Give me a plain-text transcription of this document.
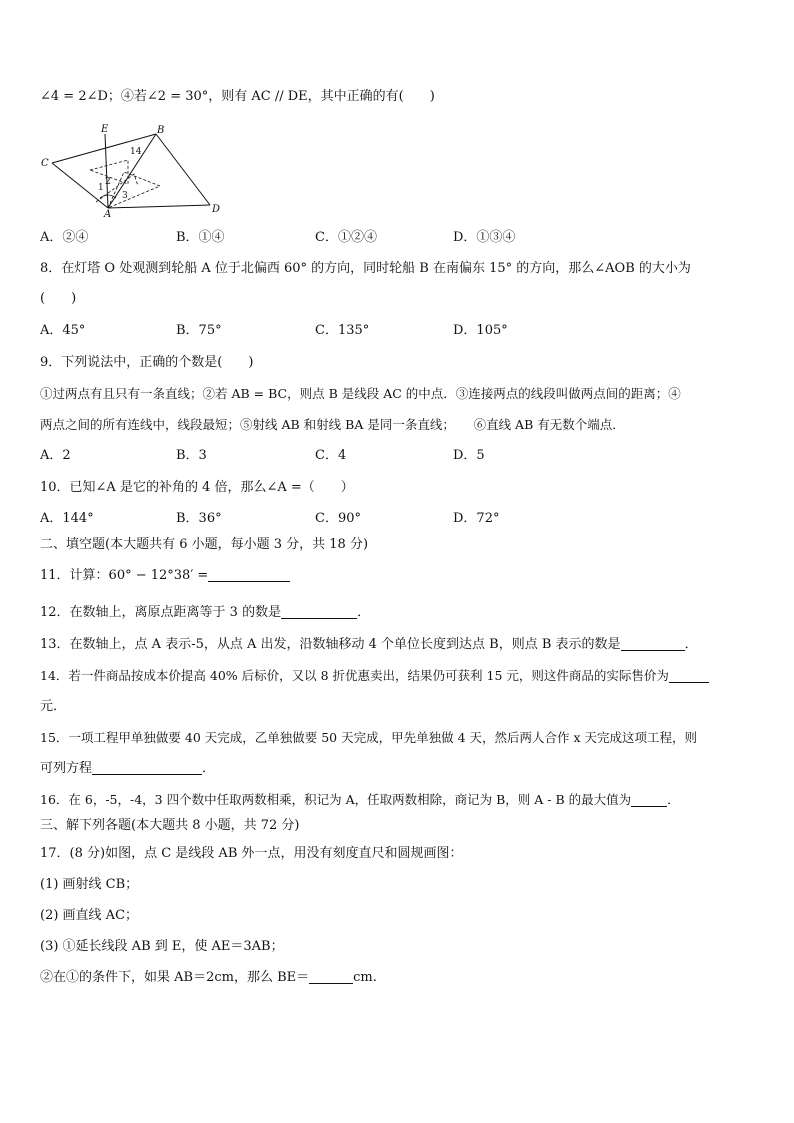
∠4 = 2∠D；④若∠2 = 30°，则有 AC // DE，其中正确的有(　　)
E	B
C
A	D
1
2
3
14
A．②④	B．①④	C．①②④	D．①③④
8．在灯塔 O 处观测到轮船 A 位于北偏西 60° 的方向，同时轮船 B 在南偏东 15° 的方向，那么∠AOB 的大小为
(　　)
A．45°	B．75°	C．135°	D．105°
9．下列说法中，正确的个数是(　　)
①过两点有且只有一条直线；②若 AB = BC，则点 B 是线段 AC 的中点．③连接两点的线段叫做两点间的距离；④
两点之间的所有连线中，线段最短；⑤射线 AB 和射线 BA 是同一条直线；　　⑥直线 AB 有无数个端点．
A．2	B．3	C．4	D．5
10．已知∠A 是它的补角的 4 倍，那么∠A =（　　）
A．144°	B．36°	C．90°	D．72°
二、填空题(本大题共有 6 小题，每小题 3 分，共 18 分)
11．计算：60° − 12°38′ =
12．在数轴上，离原点距离等于 3 的数是	．
13．在数轴上，点 A 表示-5，从点 A 出发，沿数轴移动 4 个单位长度到达点 B，则点 B 表示的数是	．
14．若一件商品按成本价提高 40% 后标价，又以 8 折优惠卖出，结果仍可获利 15 元，则这件商品的实际售价为
元．
15．一项工程甲单独做要 40 天完成，乙单独做要 50 天完成，甲先单独做 4 天，然后两人合作 x 天完成这项工程，则
可列方程	．
16．在 6，-5，-4，3 四个数中任取两数相乘，积记为 A，任取两数相除，商记为 B，则 A - B 的最大值为	．
三、解下列各题(本大题共 8 小题，共 72 分)
17．(8 分)如图，点 C 是线段 AB 外一点，用没有刻度直尺和圆规画图：
(1) 画射线 CB；
(2) 画直线 AC；
(3) ①延长线段 AB 到 E，使 AE＝3AB；
②在①的条件下，如果 AB＝2cm，那么 BE＝	cm.
